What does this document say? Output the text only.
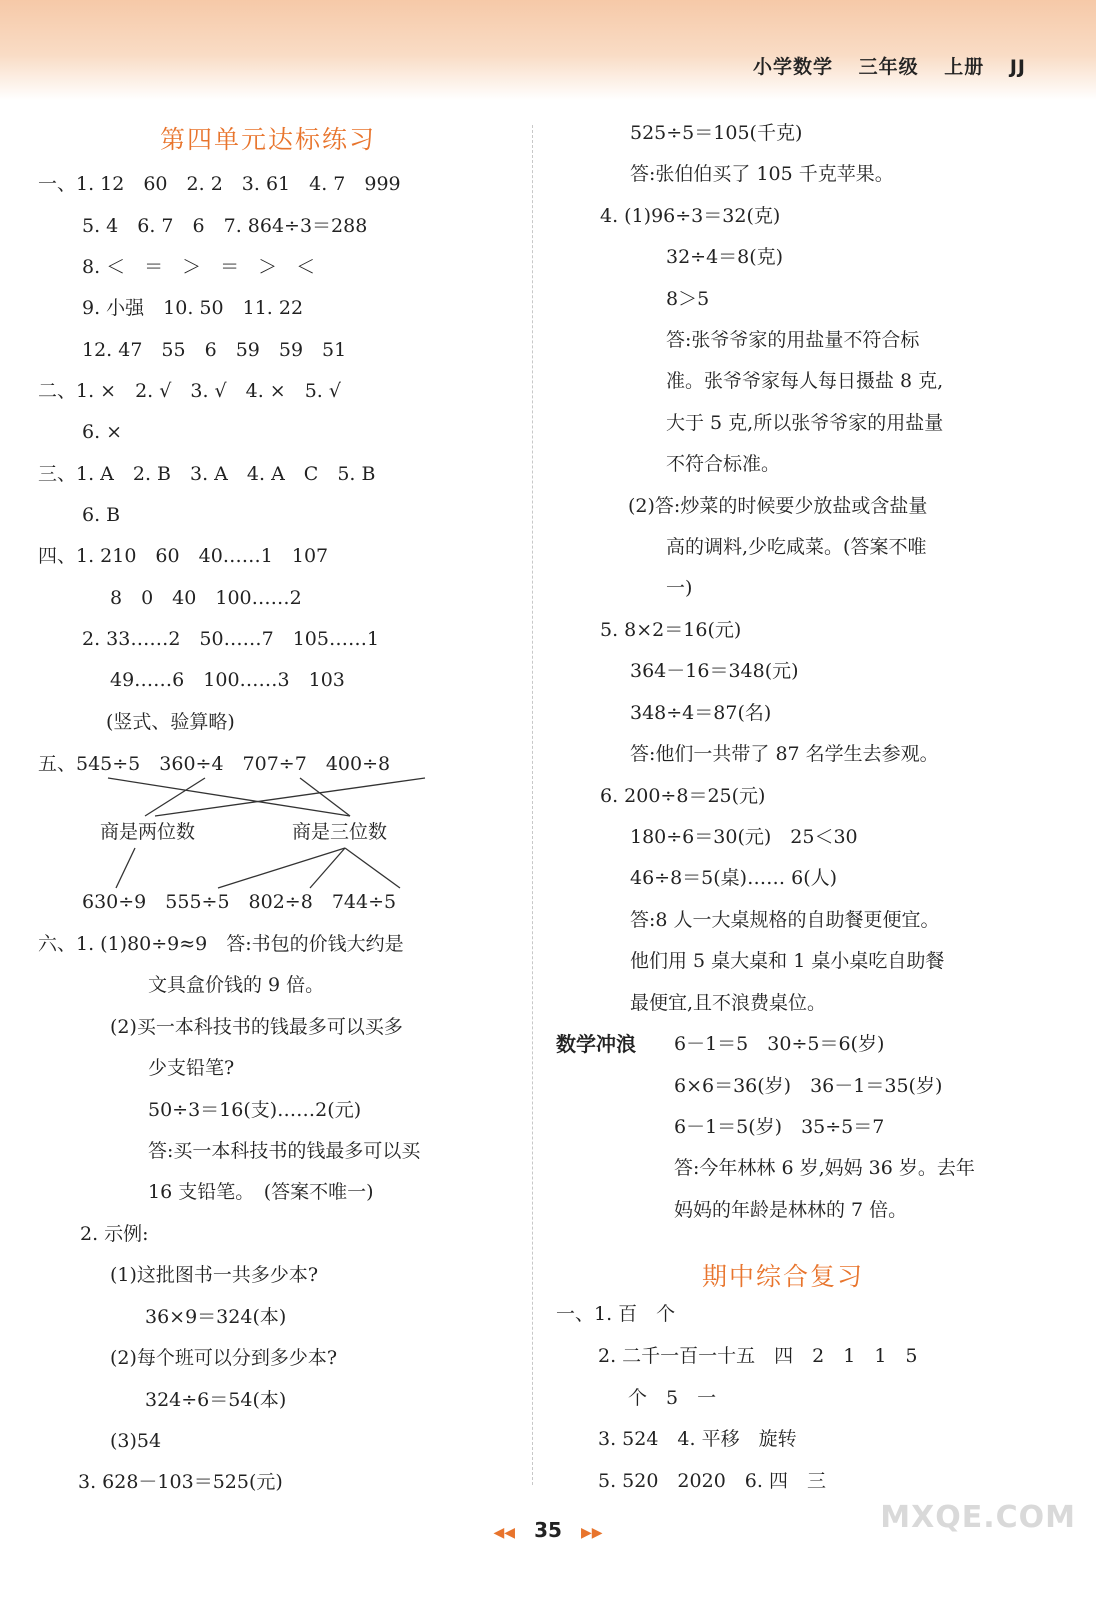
小学数学 三年级 上册 JJ
第四单元达标练习
一、1. 12　60　2. 2　3. 61　4. 7　999
5. 4　6. 7　6　7. 864÷3＝288
8. ＜　＝　＞　＝　＞　＜
9. 小强　10. 50　11. 22
12. 47　55　6　59　59　51
二、1. ×　2. √　3. √　4. ×　5. √
6. ×
三、1. A　2. B　3. A　4. A　C　5. B
6. B
四、1. 210　60　40……1　107
8　0　40　100……2
2. 33……2　50……7　105……1
49……6　100……3　103
(竖式、验算略)
五、545÷5　360÷4　707÷7　400÷8
商是两位数	商是三位数
630÷9　555÷5　802÷8　744÷5
六、1. (1)80÷9≈9　答:书包的价钱大约是
文具盒价钱的 9 倍。
(2)买一本科技书的钱最多可以买多
少支铅笔?
50÷3＝16(支)……2(元)
答:买一本科技书的钱最多可以买
16 支铅笔。　(答案不唯一)
2. 示例:
(1)这批图书一共多少本?
36×9＝324(本)
(2)每个班可以分到多少本?
324÷6＝54(本)
(3)54
3. 628－103＝525(元)
525÷5＝105(千克)
答:张伯伯买了 105 千克苹果。
4. (1)96÷3＝32(克)
32÷4＝8(克)
8＞5
答:张爷爷家的用盐量不符合标
准。张爷爷家每人每日摄盐 8 克,
大于 5 克,所以张爷爷家的用盐量
不符合标准。
(2)答:炒菜的时候要少放盐或含盐量
高的调料,少吃咸菜。(答案不唯
一)
5. 8×2＝16(元)
364－16＝348(元)
348÷4＝87(名)
答:他们一共带了 87 名学生去参观。
6. 200÷8＝25(元)
180÷6＝30(元)　25＜30
46÷8＝5(桌)…… 6(人)
答:8 人一大桌规格的自助餐更便宜。
他们用 5 桌大桌和 1 桌小桌吃自助餐
最便宜,且不浪费桌位。
数学冲浪 6－1＝5　30÷5＝6(岁)
6×6＝36(岁)　36－1＝35(岁)
6－1＝5(岁)　35÷5＝7
答:今年林林 6 岁,妈妈 36 岁。去年
妈妈的年龄是林林的 7 倍。
期中综合复习
一、1. 百　个
2. 二千一百一十五　四　2　1　1　5
个　5　一
3. 524　4. 平移　旋转
5. 520　2020　6. 四　三
◀◀ 35 ▶▶	MXQE.COM
